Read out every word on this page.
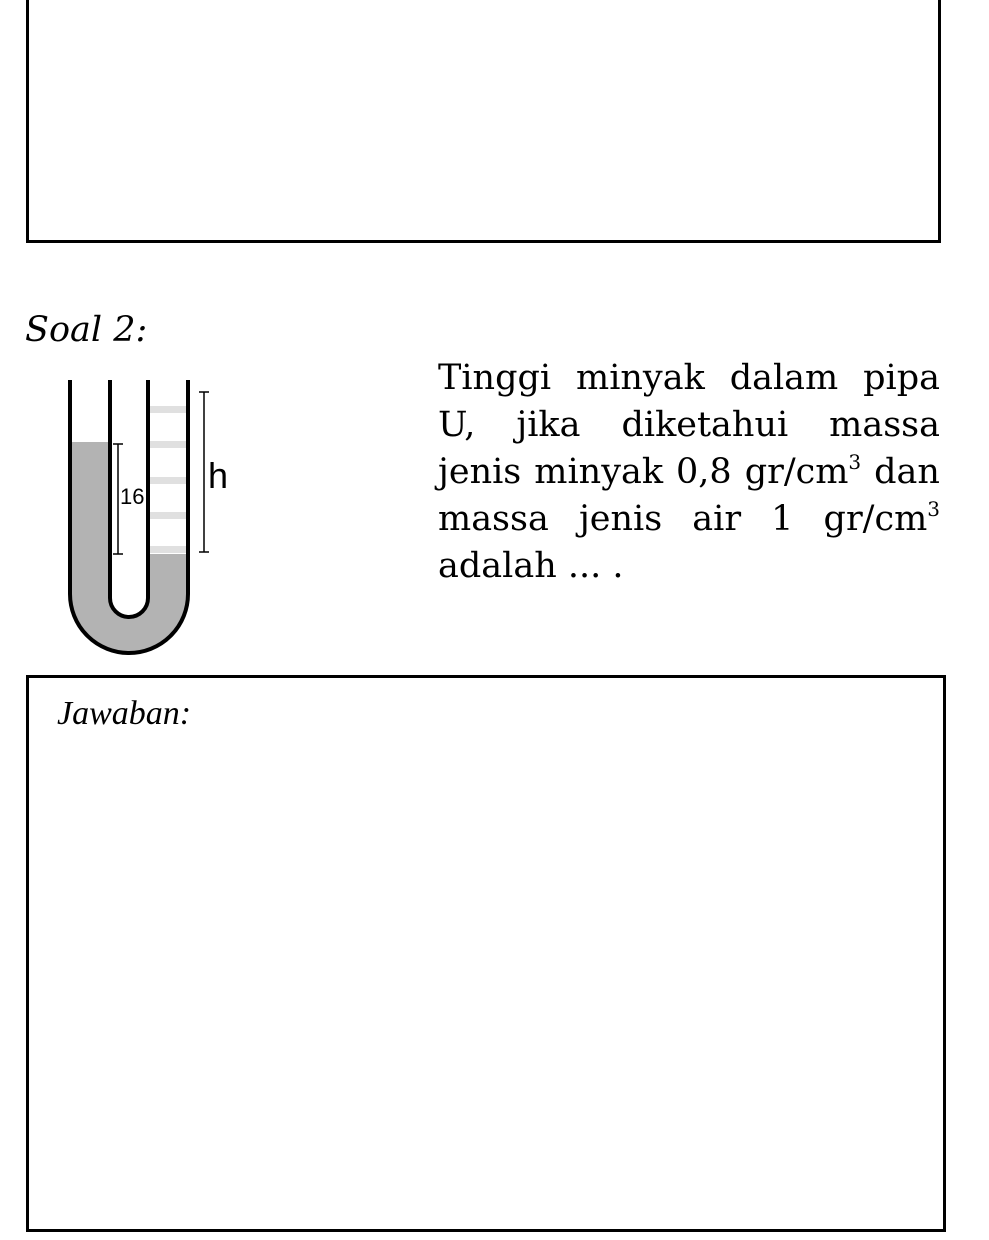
Soal 2:
16
h

Tinggi minyak dalam pipa U, jika diketahui massa jenis minyak 0,8 $gr/cm^3$ dan massa jenis air 1 $gr/cm^3$ adalah ... .

Jawaban:
